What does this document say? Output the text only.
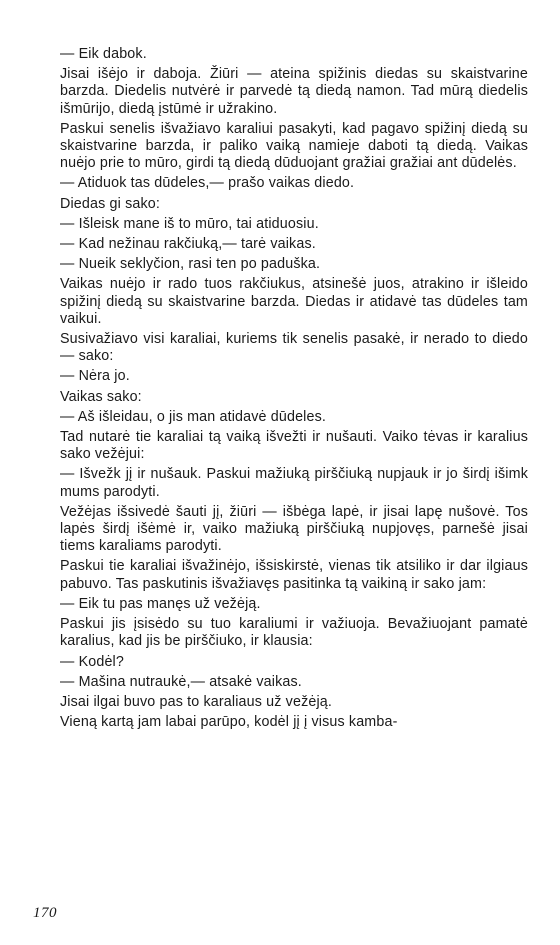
— Eik dabok.

Jisai išėjo ir daboja. Žiūri — ateina spižinis diedas su skaistvarine barzda. Diedelis nutvėrė ir parvedė tą diedą namon. Tad mūrą diedelis išmūrijo, diedą įstūmė ir užrakino.

Paskui senelis išvažiavo karaliui pasakyti, kad pagavo spižinį diedą su skaistvarine barzda, ir paliko vaiką namieje daboti tą diedą. Vaikas nuėjo prie to mūro, girdi tą diedą dūduojant gražiai gražiai ant dūdelės.

— Atiduok tas dūdeles,— prašo vaikas diedo.

Diedas gi sako:

— Išleisk mane iš to mūro, tai atiduosiu.

— Kad nežinau rakčiuką,— tarė vaikas.

— Nueik seklyčion, rasi ten po paduška.

Vaikas nuėjo ir rado tuos rakčiukus, atsinešė juos, atrakino ir išleido spižinį diedą su skaistvarine barzda. Diedas ir atidavė tas dūdeles tam vaikui.

Susivažiavo visi karaliai, kuriems tik senelis pasakė, ir nerado to diedo — sako:

— Nėra jo.

Vaikas sako:

— Aš išleidau, o jis man atidavė dūdeles.

Tad nutarė tie karaliai tą vaiką išvežti ir nušauti. Vaiko tėvas ir karalius sako vežėjui:

— Išvežk jį ir nušauk. Paskui mažiuką pirščiuką nupjauk ir jo širdį išimk mums parodyti.

Vežėjas išsivedė šauti jį, žiūri — išbėga lapė, ir jisai lapę nušovė. Tos lapės širdį išėmė ir, vaiko mažiuką pirščiuką nupjovęs, parnešė jisai tiems karaliams parodyti.

Paskui tie karaliai išvažinėjo, išsiskirstė, vienas tik atsiliko ir dar ilgiaus pabuvo. Tas paskutinis išvažiavęs pasitinka tą vaikiną ir sako jam:

— Eik tu pas manęs už vežėją.

Paskui jis įsisėdo su tuo karaliumi ir važiuoja. Bevažiuojant pamatė karalius, kad jis be pirščiuko, ir klausia:

— Kodėl?

— Mašina nutraukė,— atsakė vaikas.

Jisai ilgai buvo pas to karaliaus už vežėją.

Vieną kartą jam labai parūpo, kodėl jį į visus kamba-

170
